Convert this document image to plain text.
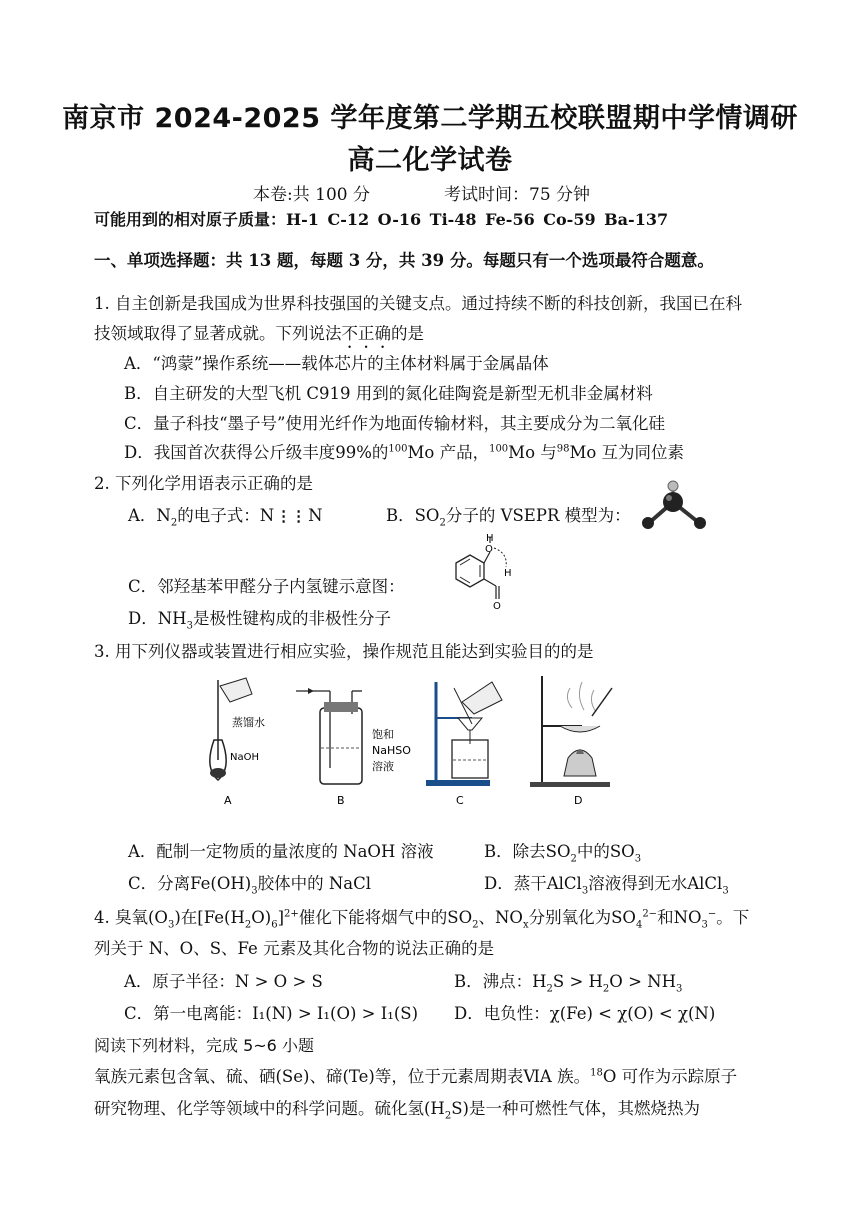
南京市 2024-2025 学年度第二学期五校联盟期中学情调研
高二化学试卷
本卷:共 100 分	考试时间：75 分钟
可能用到的相对原子质量：H-1 C-12 O-16 Ti-48 Fe-56 Co-59 Ba-137
一、单项选择题：共 13 题，每题 3 分，共 39 分。每题只有一个选项最符合题意。
1. 自主创新是我国成为世界科技强国的关键支点。通过持续不断的科技创新，我国已在科
技领域取得了显著成就。下列说法不正确的是
A．“鸿蒙”操作系统——载体芯片的主体材料属于金属晶体
B．自主研发的大型飞机 C919 用到的氮化硅陶瓷是新型无机非金属材料
C．量子科技“墨子号”使用光纤作为地面传输材料，其主要成分为二氧化硅
D．我国首次获得公斤级丰度99%的$^{100}$Mo 产品，$^{100}$Mo 与$^{98}$Mo 互为同位素
2. 下列化学用语表示正确的是
A．$N_2$的电子式：N ⋮⋮ N	B．$SO_2$分子的 VSEPR 模型为：
C．邻羟基苯甲醛分子内氢键示意图：
H
O
H
O
D．$NH_3$是极性键构成的非极性分子
3. 用下列仪器或装置进行相应实验，操作规范且能达到实验目的的是
蒸馏水
NaOH
饱和
NaHSO
溶液
A	B	C	D
A．配制一定物质的量浓度的 NaOH 溶液	B．除去$SO_2$中的$SO_3$
C．分离$Fe(OH)_3$胶体中的 NaCl	D．蒸干AlCl$_3$溶液得到无水AlCl$_3$
4. 臭氧$(O_3)$在$[Fe(H_2O)_6]^{2+}$催化下能将烟气中的$SO_2$、$NO_x$分别氧化为$SO_4^{2-}$和$NO_3^-$。下
列关于 N、O、S、Fe 元素及其化合物的说法正确的是
A．原子半径：N > O > S	B．沸点：$H_2S > H_2O > NH_3$
C．第一电离能：I₁(N) > I₁(O) > I₁(S) D．电负性：χ(Fe) < χ(O) < χ(N)
阅读下列材料，完成 5~6 小题
氧族元素包含氧、硫、硒(Se)、碲(Te)等，位于元素周期表ⅥA 族。$^{18}$O 可作为示踪原子
研究物理、化学等领域中的科学问题。硫化氢$(H_2S)$是一种可燃性气体，其燃烧热为
